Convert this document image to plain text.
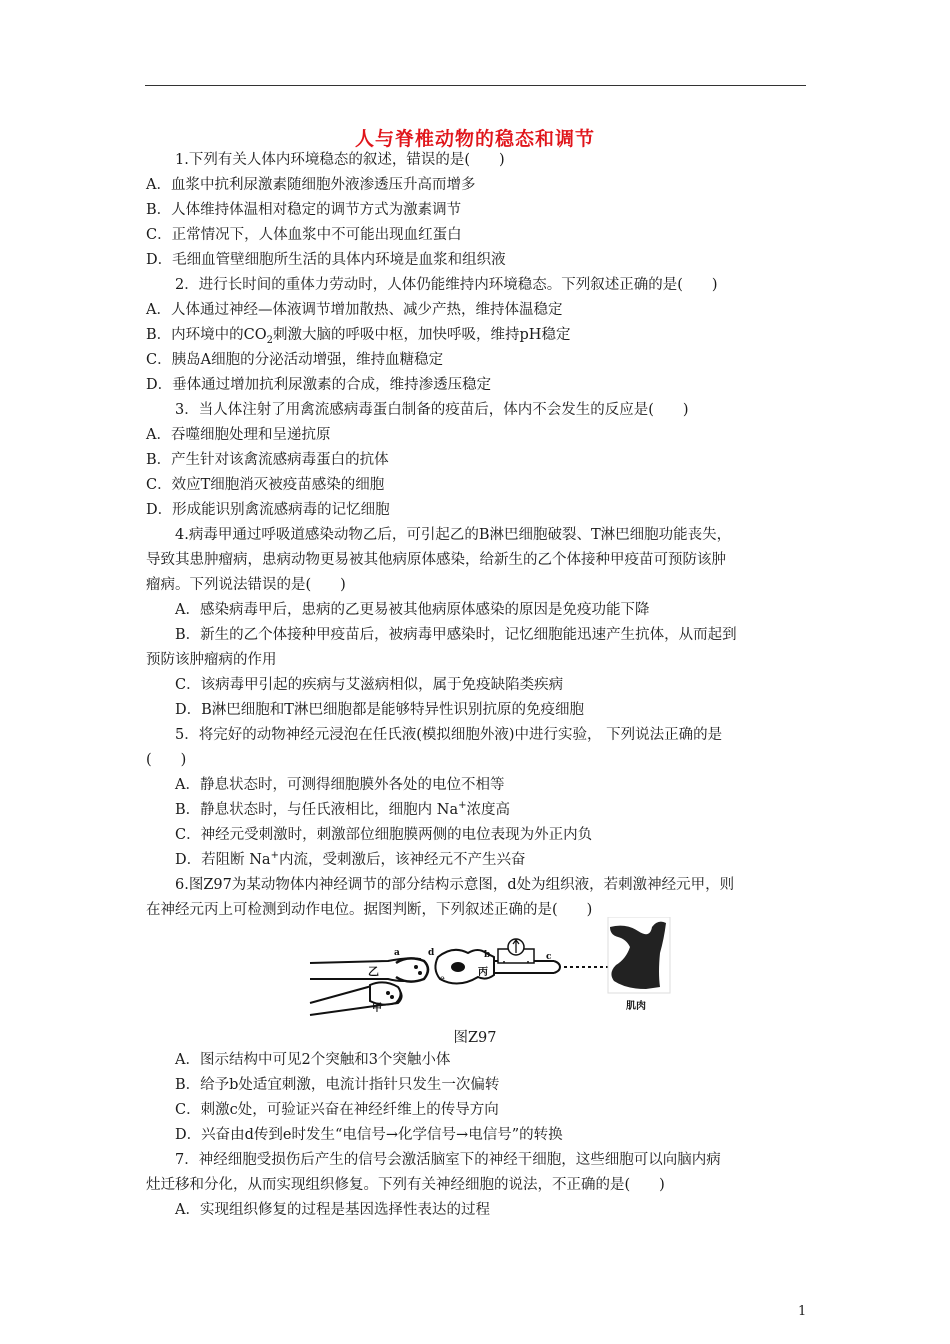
人与脊椎动物的稳态和调节
1.下列有关人体内环境稳态的叙述，错误的是(　　)
A．血浆中抗利尿激素随细胞外液渗透压升高而增多
B．人体维持体温相对稳定的调节方式为激素调节
C．正常情况下，人体血浆中不可能出现血红蛋白
D．毛细血管壁细胞所生活的具体内环境是血浆和组织液
2．进行长时间的重体力劳动时，人体仍能维持内环境稳态。下列叙述正确的是(　　)
A．人体通过神经—体液调节增加散热、减少产热，维持体温稳定
B．内环境中的$CO_2$刺激大脑的呼吸中枢，加快呼吸，维持pH稳定
C．胰岛A细胞的分泌活动增强，维持血糖稳定
D．垂体通过增加抗利尿激素的合成，维持渗透压稳定
3．当人体注射了用禽流感病毒蛋白制备的疫苗后，体内不会发生的反应是(　　)
A．吞噬细胞处理和呈递抗原
B．产生针对该禽流感病毒蛋白的抗体
C．效应T细胞消灭被疫苗感染的细胞
D．形成能识别禽流感病毒的记忆细胞
4.病毒甲通过呼吸道感染动物乙后，可引起乙的B淋巴细胞破裂、T淋巴细胞功能丧失，
导致其患肿瘤病，患病动物更易被其他病原体感染，给新生的乙个体接种甲疫苗可预防该肿
瘤病。下列说法错误的是(　　)
A．感染病毒甲后，患病的乙更易被其他病原体感染的原因是免疫功能下降
B．新生的乙个体接种甲疫苗后，被病毒甲感染时，记忆细胞能迅速产生抗体，从而起到
预防该肿瘤病的作用
C．该病毒甲引起的疾病与艾滋病相似，属于免疫缺陷类疾病
D．B淋巴细胞和T淋巴细胞都是能够特异性识别抗原的免疫细胞
5．将完好的动物神经元浸泡在任氏液(模拟细胞外液)中进行实验， 下列说法正确的是
(　　)
A．静息状态时，可测得细胞膜外各处的电位不相等
B．静息状态时，与任氏液相比，细胞内 Na+浓度高
C．神经元受刺激时，刺激部位细胞膜两侧的电位表现为外正内负
D．若阻断 Na+内流，受刺激后，该神经元不产生兴奋
6.图Z97为某动物体内神经调节的部分结构示意图，d处为组织液，若刺激神经元甲，则
在神经元丙上可检测到动作电位。据图判断，下列叙述正确的是(　　)
a
乙
甲
d	b
丙
c
e
肌肉
图Z97
A．图示结构中可见2个突触和3个突触小体
B．给予b处适宜刺激，电流计指针只发生一次偏转
C．刺激c处，可验证兴奋在神经纤维上的传导方向
D．兴奋由d传到e时发生“电信号→化学信号→电信号”的转换
7．神经细胞受损伤后产生的信号会激活脑室下的神经干细胞，这些细胞可以向脑内病
灶迁移和分化，从而实现组织修复。下列有关神经细胞的说法，不正确的是(　　)
A．实现组织修复的过程是基因选择性表达的过程
1
